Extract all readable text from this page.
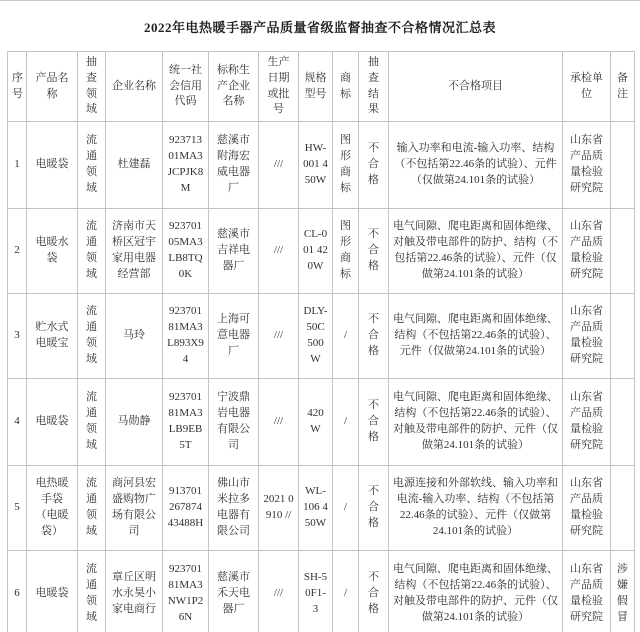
2022年电热暖手器产品质量省级监督抽查不合格情况汇总表
序号	产品名称	抽查领域	企业名称	统一社会信用代码	标称生产企业名称	生产日期或批号	规格型号	商标	抽查结果	不合格项目	承检单位	备注
1	电暖袋	流通领域	杜建磊	92371301MA3JCPJK8M	慈溪市附海宏威电器厂	///	HW-001 450W	图形商标	不合格	输入功率和电流-输入功率、结构（不包括第22.46条的试验）、元件（仅做第24.101条的试验）	山东省产品质量检验研究院	
2	电暖水袋	流通领域	济南市天桥区冠宇家用电器经营部	92370105MA3LB8TQ0K	慈溪市吉祥电器厂	///	CL-001 420W	图形商标	不合格	电气间隙、爬电距离和固体绝缘、对触及带电部件的防护、结构（不包括第22.46条的试验）、元件（仅做第24.101条的试验）	山东省产品质量检验研究院	
3	贮水式电暖宝	流通领域	马玲	92370181MA3L893X94	上海可意电器厂	///	DLY-50C 500W	/	不合格	电气间隙、爬电距离和固体绝缘、结构（不包括第22.46条的试验）、元件（仅做第24.101条的试验）	山东省产品质量检验研究院	
4	电暖袋	流通领域	马勋静	92370181MA3LB9EB5T	宁波鼎岩电器有限公司	///	420W	/	不合格	电气间隙、爬电距离和固体绝缘、结构（不包括第22.46条的试验）、对触及带电部件的防护、元件（仅做第24.101条的试验）	山东省产品质量检验研究院	
5	电热暖手袋（电暖袋）	流通领域	商河县宏盛购物广场有限公司	91370126787443488H	佛山市米拉多电器有限公司	2021 0910 //	WL-106 450W	/	不合格	电源连接和外部软线、输入功率和电流-输入功率、结构（不包括第22.46条的试验）、元件（仅做第24.101条的试验）	山东省产品质量检验研究院	
6	电暖袋	流通领域	章丘区明水永昊小家电商行	92370181MA3NW1P26N	慈溪市禾天电器厂	///	SH-50F1-3	/	不合格	电气间隙、爬电距离和固体绝缘、结构（不包括第22.46条的试验）、对触及带电部件的防护、元件（仅做第24.101条的试验）	山东省产品质量检验研究院	涉嫌假冒
